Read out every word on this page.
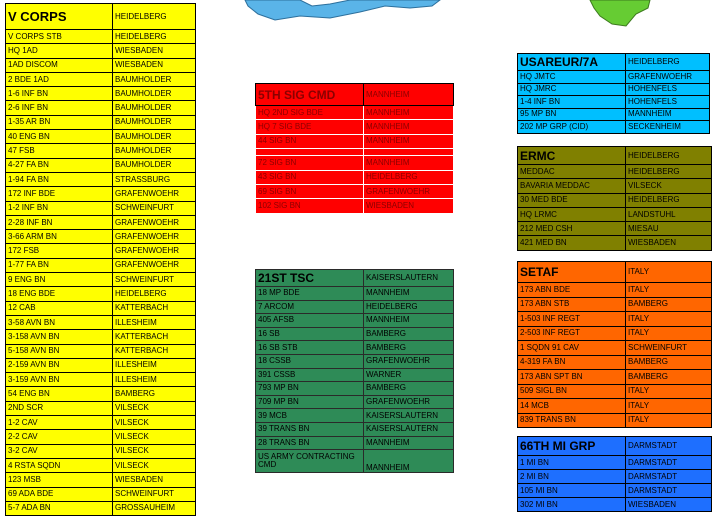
V CORPS	HEIDELBERG
V CORPS STB	HEIDELBERG
HQ 1AD	WIESBADEN
1AD DISCOM	WIESBADEN
2 BDE 1AD	BAUMHOLDER
1-6 INF BN	BAUMHOLDER
2-6 INF BN	BAUMHOLDER
1-35 AR BN	BAUMHOLDER
40 ENG BN	BAUMHOLDER
47 FSB	BAUMHOLDER
4-27 FA BN	BAUMHOLDER
1-94 FA BN	STRASSBURG
172 INF BDE	GRAFENWOEHR
1-2 INF BN	SCHWEINFURT
2-28 INF BN	GRAFENWOEHR
3-66 ARM BN	GRAFENWOEHR
172 FSB	GRAFENWOEHR
1-77 FA BN	GRAFENWOEHR
9 ENG BN	SCHWEINFURT
18 ENG BDE	HEIDELBERG
12 CAB	KATTERBACH
3-58 AVN BN	ILLESHEIM
3-158 AVN BN	KATTERBACH
5-158 AVN BN	KATTERBACH
2-159 AVN BN	ILLESHEIM
3-159 AVN BN	ILLESHEIM
54 ENG BN	BAMBERG
2ND SCR	VILSECK
1-2 CAV	VILSECK
2-2 CAV	VILSECK
3-2 CAV	VILSECK
4 RSTA SQDN	VILSECK
123 MSB	WIESBADEN
69 ADA BDE	SCHWEINFURT
5-7 ADA BN	GROSSAUHEIM
5TH SIG CMD	MANNHEIM
HQ 2ND SIG BDE	MANNHEIM
HQ 7 SIG BDE	MANNHEIM
44 SIG BN	MANNHEIM

72 SIG BN	MANNHEIM
43 SIG BN	HEIDELBERG
69 SIG BN	GRAFENWOEHR
102 SIG BN	WIESBADEN
21ST TSC	KAISERSLAUTERN
18 MP BDE	MANNHEIM
7 ARCOM	HEIDELBERG
405 AFSB	MANNHEIM
16 SB	BAMBERG
16 SB STB	BAMBERG
18 CSSB	GRAFENWOEHR
391 CSSB	WARNER
793 MP BN	BAMBERG
709 MP BN	GRAFENWOEHR
39 MCB	KAISERSLAUTERN
39 TRANS BN	KAISERSLAUTERN
28 TRANS BN	MANNHEIM
US ARMY CONTRACTING CMD	MANNHEIM
USAREUR/7A	HEIDELBERG
HQ JMTC	GRAFENWOEHR
HQ JMRC	HOHENFELS
1-4 INF BN	HOHENFELS
95 MP BN	MANNHEIM
202 MP GRP (CID)	SECKENHEIM
ERMC	HEIDELBERG
MEDDAC	HEIDELBERG
BAVARIA MEDDAC	VILSECK
30 MED BDE	HEIDELBERG
HQ LRMC	LANDSTUHL
212 MED CSH	MIESAU
421 MED BN	WIESBADEN
SETAF	ITALY
173 ABN BDE	ITALY
173 ABN STB	BAMBERG
1-503 INF REGT	ITALY
2-503 INF REGT	ITALY
1 SQDN 91 CAV	SCHWEINFURT
4-319 FA BN	BAMBERG
173 ABN SPT BN	BAMBERG
509 SIGL BN	ITALY
14 MCB	ITALY
839 TRANS BN	ITALY
66TH MI GRP	DARMSTADT
1 MI BN	DARMSTADT
2 MI BN	DARMSTADT
105 MI BN	DARMSTADT
302 MI BN	WIESBADEN
